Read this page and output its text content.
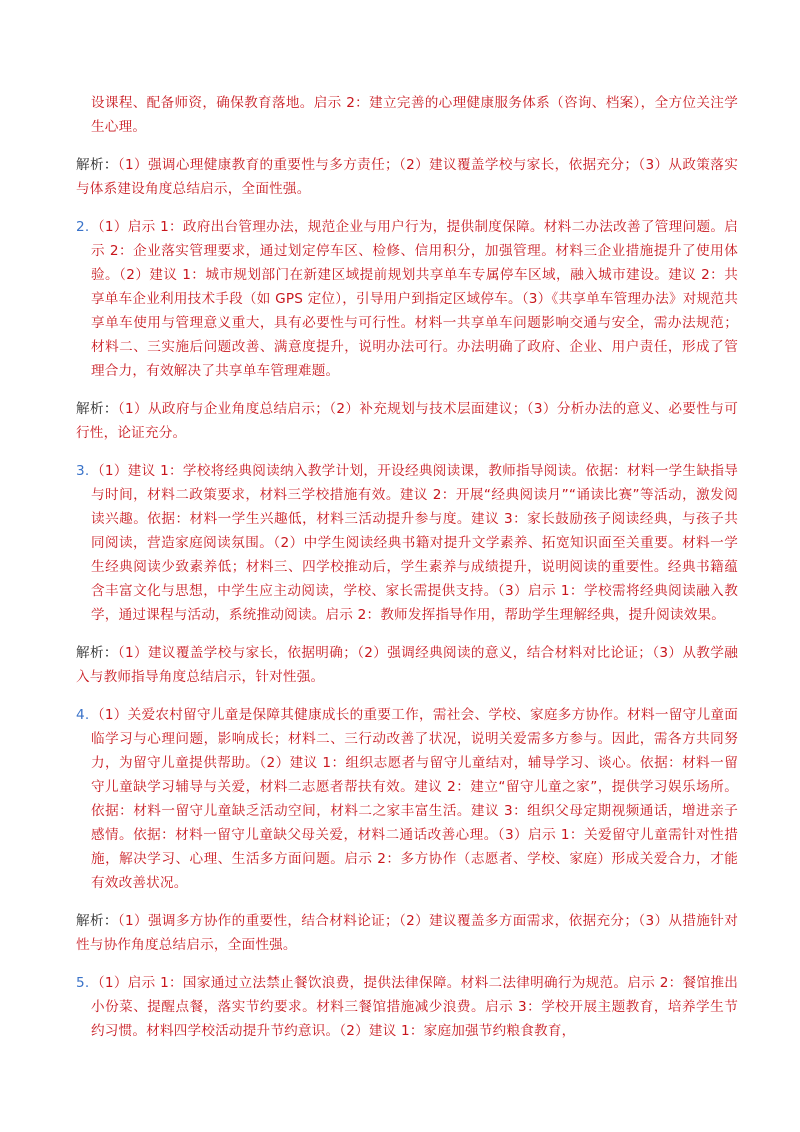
设课程、配备师资，确保教育落地。启示 2：建立完善的心理健康服务体系（咨询、档案），全方位关注学生心理。
解析：（1）强调心理健康教育的重要性与多方责任；（2）建议覆盖学校与家长，依据充分；（3）从政策落实与体系建设角度总结启示，全面性强。
2. （1）启示 1：政府出台管理办法，规范企业与用户行为，提供制度保障。材料二办法改善了管理问题。启示 2：企业落实管理要求，通过划定停车区、检修、信用积分，加强管理。材料三企业措施提升了使用体验。（2）建议 1：城市规划部门在新建区域提前规划共享单车专属停车区域，融入城市建设。建议 2：共享单车企业利用技术手段（如 GPS 定位），引导用户到指定区域停车。（3）《共享单车管理办法》对规范共享单车使用与管理意义重大，具有必要性与可行性。材料一共享单车问题影响交通与安全，需办法规范；材料二、三实施后问题改善、满意度提升，说明办法可行。办法明确了政府、企业、用户责任，形成了管理合力，有效解决了共享单车管理难题。
解析：（1）从政府与企业角度总结启示；（2）补充规划与技术层面建议；（3）分析办法的意义、必要性与可行性，论证充分。
3. （1）建议 1：学校将经典阅读纳入教学计划，开设经典阅读课，教师指导阅读。依据：材料一学生缺指导与时间，材料二政策要求，材料三学校措施有效。建议 2：开展“经典阅读月”“诵读比赛”等活动，激发阅读兴趣。依据：材料一学生兴趣低，材料三活动提升参与度。建议 3：家长鼓励孩子阅读经典，与孩子共同阅读，营造家庭阅读氛围。（2）中学生阅读经典书籍对提升文学素养、拓宽知识面至关重要。材料一学生经典阅读少致素养低；材料三、四学校推动后，学生素养与成绩提升，说明阅读的重要性。经典书籍蕴含丰富文化与思想，中学生应主动阅读，学校、家长需提供支持。（3）启示 1：学校需将经典阅读融入教学，通过课程与活动，系统推动阅读。启示 2：教师发挥指导作用，帮助学生理解经典，提升阅读效果。
解析：（1）建议覆盖学校与家长，依据明确；（2）强调经典阅读的意义，结合材料对比论证；（3）从教学融入与教师指导角度总结启示，针对性强。
4. （1）关爱农村留守儿童是保障其健康成长的重要工作，需社会、学校、家庭多方协作。材料一留守儿童面临学习与心理问题，影响成长；材料二、三行动改善了状况，说明关爱需多方参与。因此，需各方共同努力，为留守儿童提供帮助。（2）建议 1：组织志愿者与留守儿童结对，辅导学习、谈心。依据：材料一留守儿童缺学习辅导与关爱，材料二志愿者帮扶有效。建议 2：建立“留守儿童之家”，提供学习娱乐场所。依据：材料一留守儿童缺乏活动空间，材料二之家丰富生活。建议 3：组织父母定期视频通话，增进亲子感情。依据：材料一留守儿童缺父母关爱，材料二通话改善心理。（3）启示 1：关爱留守儿童需针对性措施，解决学习、心理、生活多方面问题。启示 2：多方协作（志愿者、学校、家庭）形成关爱合力，才能有效改善状况。
解析：（1）强调多方协作的重要性，结合材料论证；（2）建议覆盖多方面需求，依据充分；（3）从措施针对性与协作角度总结启示，全面性强。
5. （1）启示 1：国家通过立法禁止餐饮浪费，提供法律保障。材料二法律明确行为规范。启示 2：餐馆推出小份菜、提醒点餐，落实节约要求。材料三餐馆措施减少浪费。启示 3：学校开展主题教育，培养学生节约习惯。材料四学校活动提升节约意识。（2）建议 1：家庭加强节约粮食教育，
